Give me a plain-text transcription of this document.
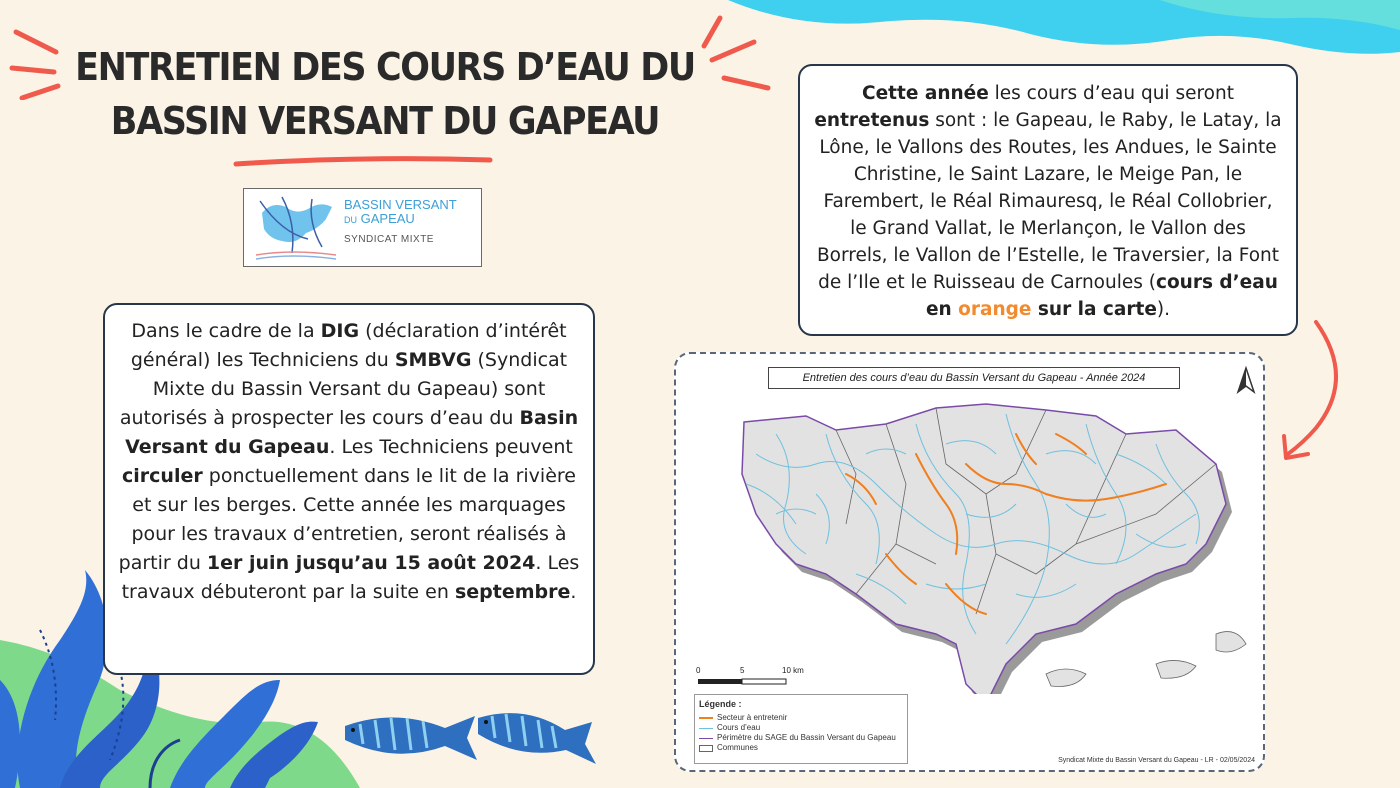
ENTRETIEN DES COURS D’EAU DU
BASSIN VERSANT DU GAPEAU
BASSIN VERSANT
DU GAPEAU
SYNDICAT MIXTE
Cette année les cours d’eau qui seront entretenus sont : le Gapeau, le Raby, le Latay, la Lône, le Vallons des Routes, les Andues, le Sainte Christine, le Saint Lazare, le Meige Pan, le Farembert, le Réal Rimauresq, le Réal Collobrier, le Grand Vallat, le Merlançon, le Vallon des Borrels, le Vallon de l’Estelle, le Traversier, la Font de l’Ile et le Ruisseau de Carnoules (cours d’eau en orange sur la carte).
Dans le cadre de la DIG (déclaration d’intérêt général) les Techniciens du SMBVG (Syndicat Mixte du Bassin Versant du Gapeau) sont autorisés à prospecter les cours d’eau du Basin Versant du Gapeau. Les Techniciens peuvent circuler ponctuellement dans le lit de la rivière et sur les berges. Cette année les marquages pour les travaux d’entretien, seront réalisés à partir du 1er juin jusqu’au 15 août 2024. Les travaux débuteront par la suite en septembre.
Entretien des cours d’eau du Bassin Versant du Gapeau - Année 2024
0	5	10 km
Légende :
Secteur à entretenir
Cours d’eau
Périmètre du SAGE du Bassin Versant du Gapeau
Communes
Syndicat Mixte du Bassin Versant du Gapeau - LR - 02/05/2024
